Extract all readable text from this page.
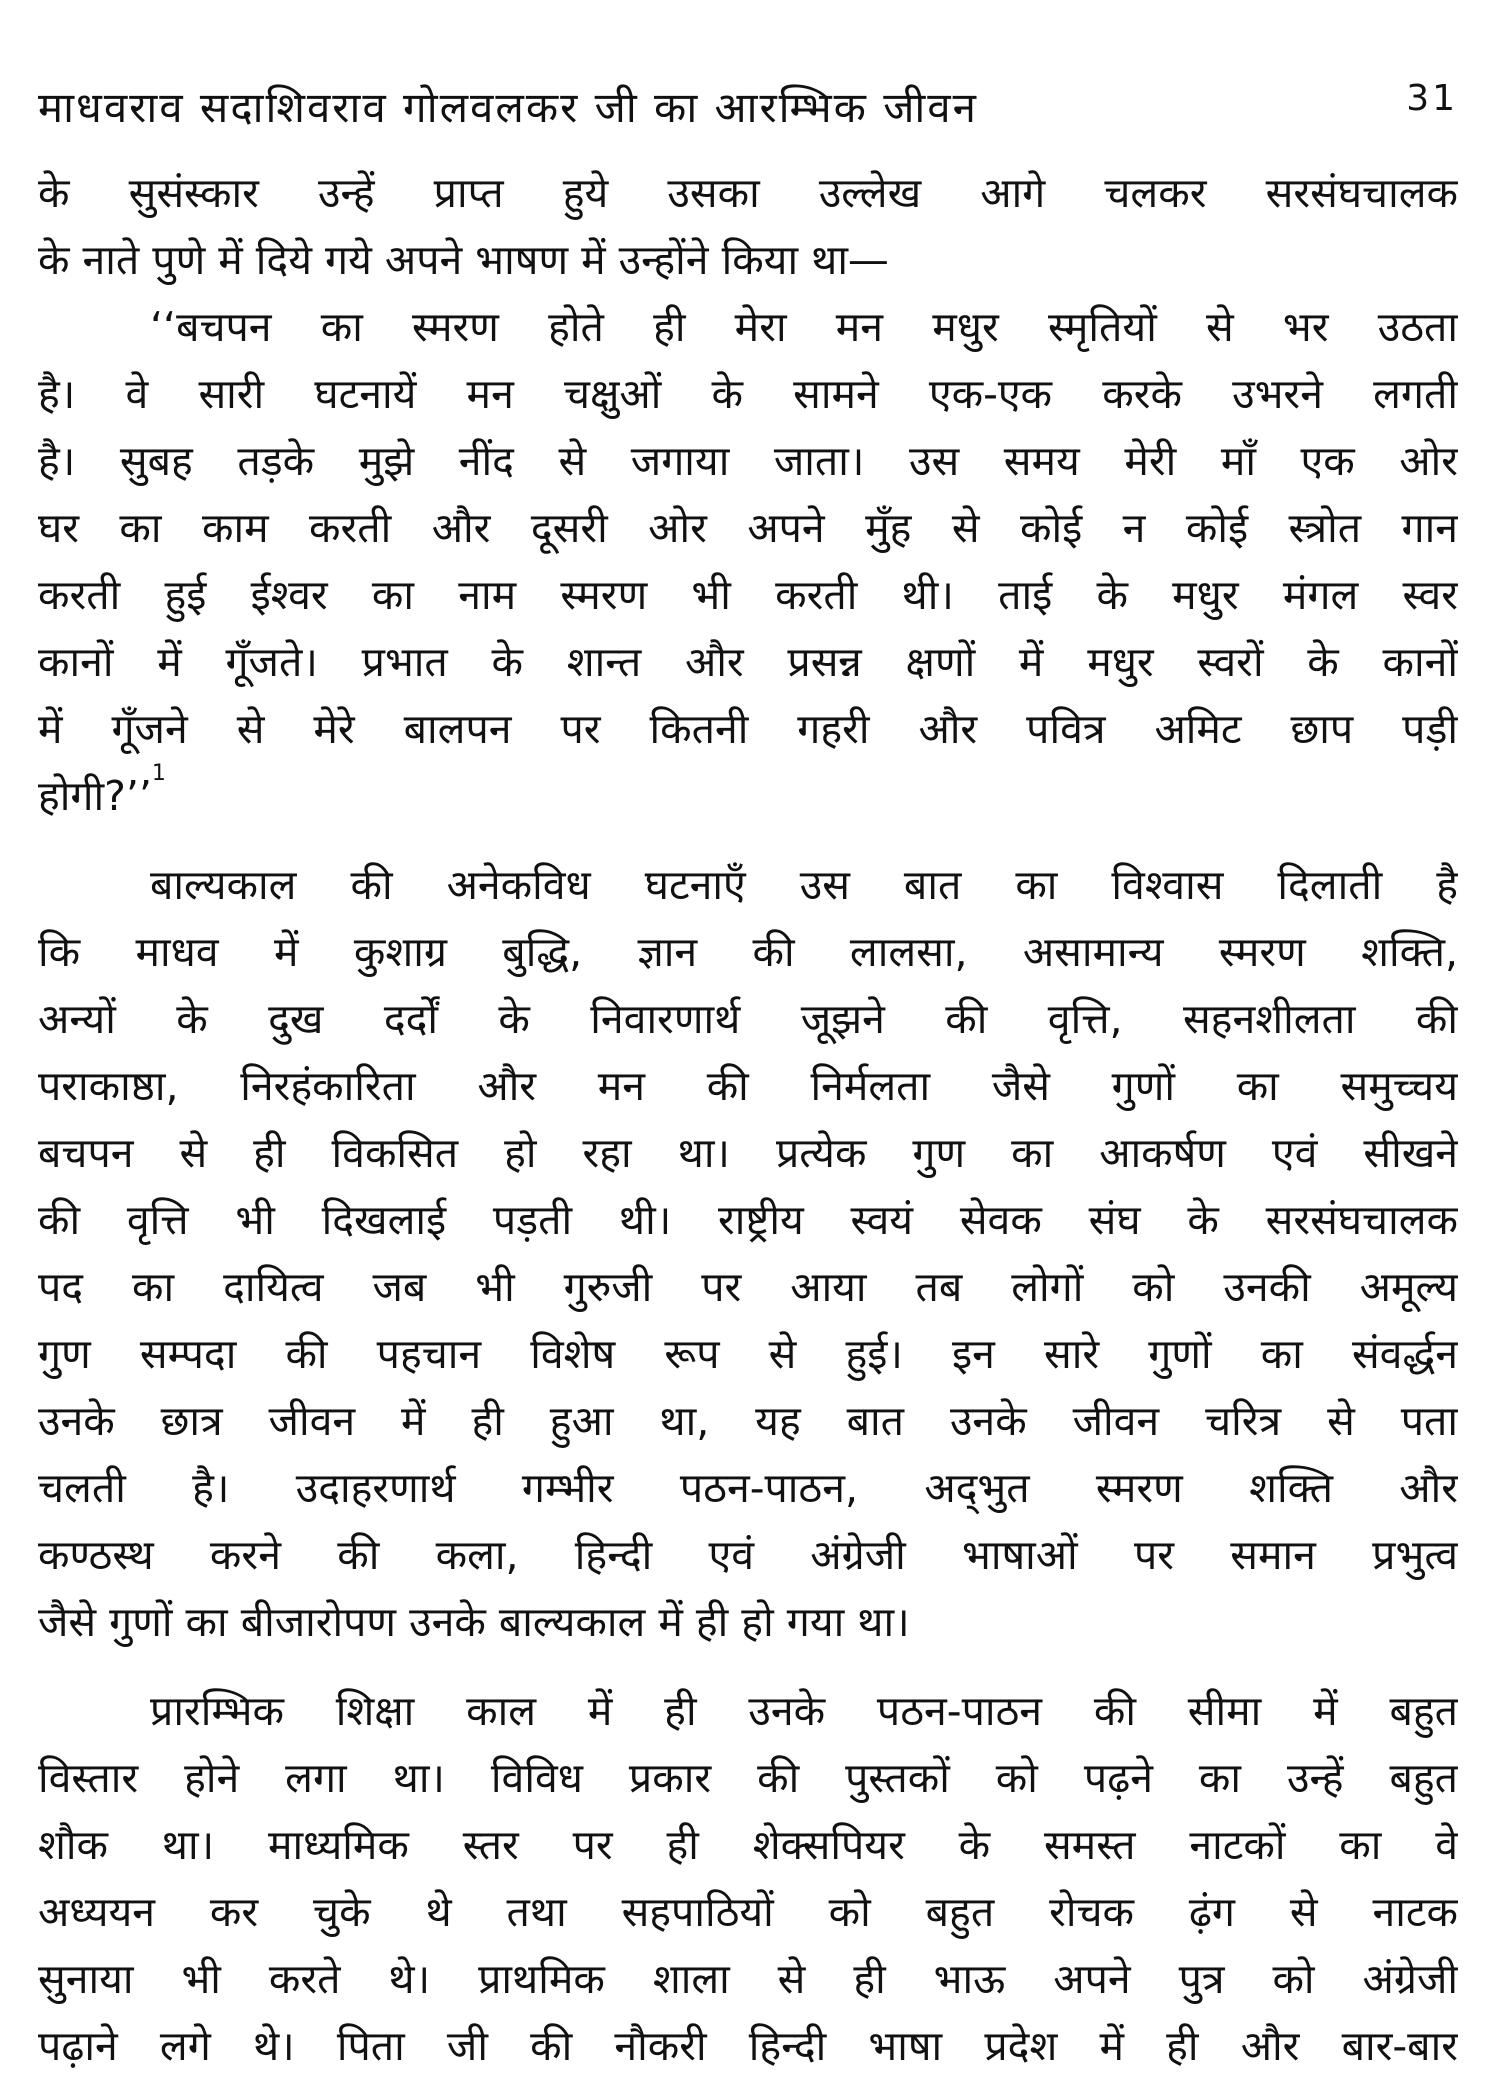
माधवराव सदाशिवराव गोलवलकर जी का आरम्भिक जीवन	31
के सुसंस्कार उन्हें प्राप्त हुये उसका उल्लेख आगे चलकर सरसंघचालक
के नाते पुणे में दिये गये अपने भाषण में उन्होंने किया था—
‘‘बचपन का स्मरण होते ही मेरा मन मधुर स्मृतियों से भर उठता
है। वे सारी घटनायें मन चक्षुओं के सामने एक-एक करके उभरने लगती
है। सुबह तड़के मुझे नींद से जगाया जाता। उस समय मेरी माँ एक ओर
घर का काम करती और दूसरी ओर अपने मुँह से कोई न कोई स्त्रोत गान
करती हुई ईश्वर का नाम स्मरण भी करती थी। ताई के मधुर मंगल स्वर
कानों में गूँजते। प्रभात के शान्त और प्रसन्न क्षणों में मधुर स्वरों के कानों
में गूँजने से मेरे बालपन पर कितनी गहरी और पवित्र अमिट छाप पड़ी
होगी?’’$^1$
बाल्यकाल की अनेकविध घटनाएँ उस बात का विश्वास दिलाती है
कि माधव में कुशाग्र बुद्धि, ज्ञान की लालसा, असामान्य स्मरण शक्ति,
अन्यों के दुख दर्दों के निवारणार्थ जूझने की वृत्ति, सहनशीलता की
पराकाष्ठा, निरहंकारिता और मन की निर्मलता जैसे गुणों का समुच्चय
बचपन से ही विकसित हो रहा था। प्रत्येक गुण का आकर्षण एवं सीखने
की वृत्ति भी दिखलाई पड़ती थी। राष्ट्रीय स्वयं सेवक संघ के सरसंघचालक
पद का दायित्व जब भी गुरुजी पर आया तब लोगों को उनकी अमूल्य
गुण सम्पदा की पहचान विशेष रूप से हुई। इन सारे गुणों का संवर्द्धन
उनके छात्र जीवन में ही हुआ था, यह बात उनके जीवन चरित्र से पता
चलती है। उदाहरणार्थ गम्भीर पठन-पाठन, अद्‌भुत स्मरण शक्ति और
कण्ठस्थ करने की कला, हिन्दी एवं अंग्रेजी भाषाओं पर समान प्रभुत्व
जैसे गुणों का बीजारोपण उनके बाल्यकाल में ही हो गया था।
प्रारम्भिक शिक्षा काल में ही उनके पठन-पाठन की सीमा में बहुत
विस्तार होने लगा था। विविध प्रकार की पुस्तकों को पढ़ने का उन्हें बहुत
शौक था। माध्यमिक स्तर पर ही शेक्सपियर के समस्त नाटकों का वे
अध्ययन कर चुके थे तथा सहपाठियों को बहुत रोचक ढ़ंग से नाटक
सुनाया भी करते थे। प्राथमिक शाला से ही भाऊ अपने पुत्र को अंग्रेजी
पढ़ाने लगे थे। पिता जी की नौकरी हिन्दी भाषा प्रदेश में ही और बार-बार
